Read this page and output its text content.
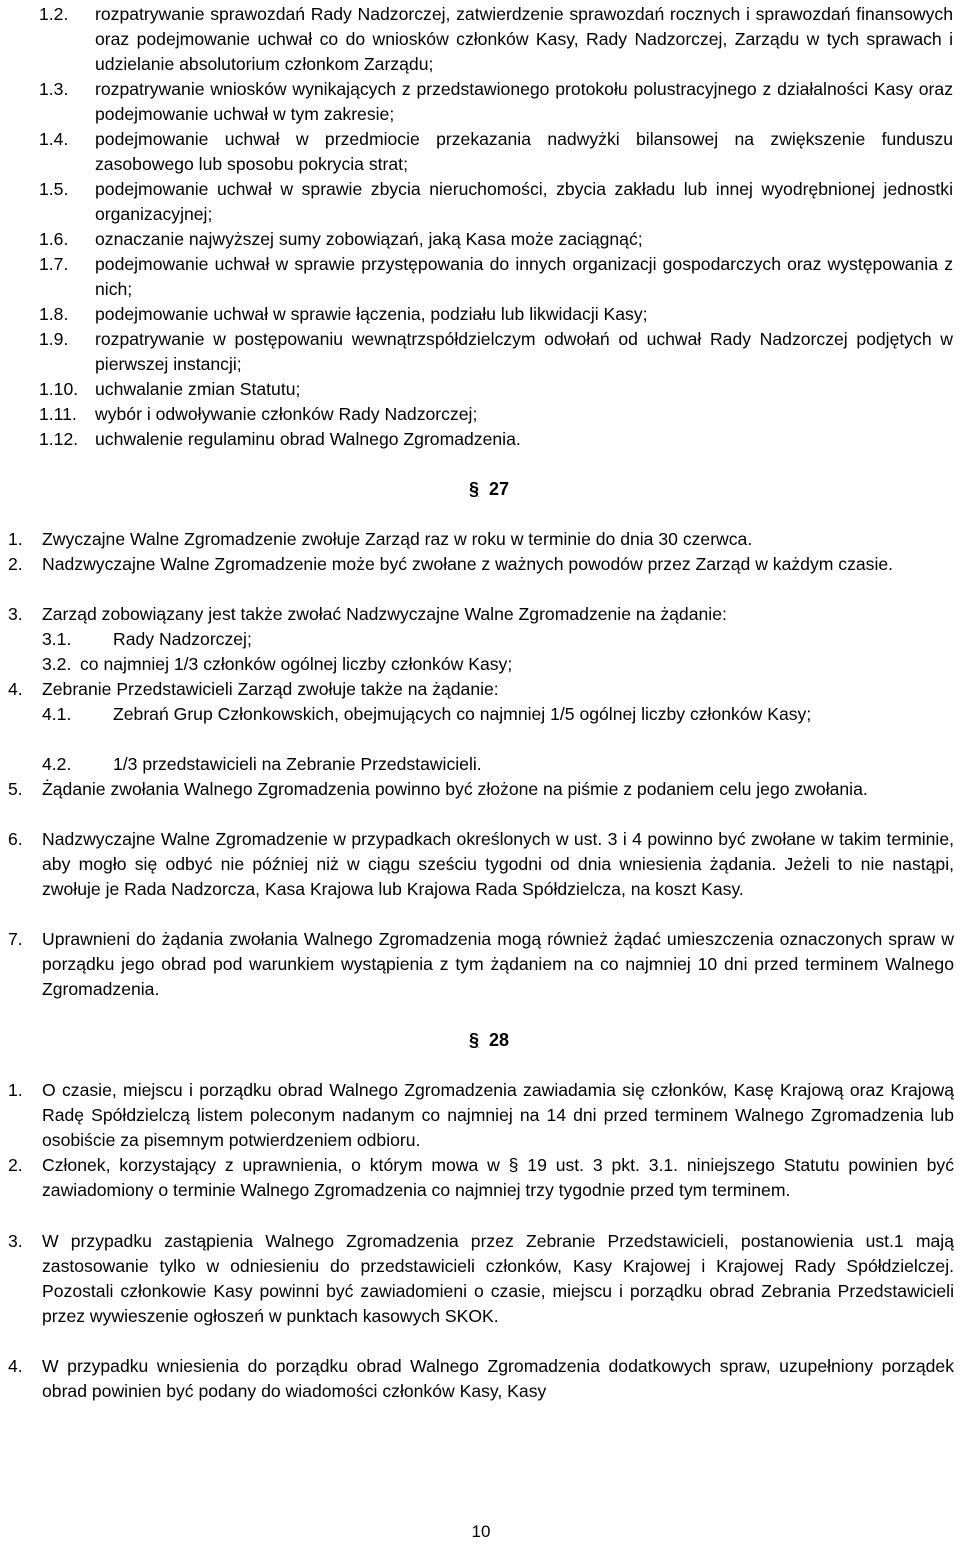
1.2. rozpatrywanie sprawozdań Rady Nadzorczej, zatwierdzenie sprawozdań rocznych i sprawozdań finansowych oraz podejmowanie uchwał co do wniosków członków Kasy, Rady Nadzorczej, Zarządu w tych sprawach i udzielanie absolutorium członkom Zarządu;
1.3. rozpatrywanie wniosków wynikających z przedstawionego protokołu polustracyjnego z działalności Kasy oraz podejmowanie uchwał w tym zakresie;
1.4. podejmowanie uchwał w przedmiocie przekazania nadwyżki bilansowej na zwiększenie funduszu zasobowego lub sposobu pokrycia strat;
1.5. podejmowanie uchwał w sprawie zbycia nieruchomości, zbycia zakładu lub innej wyodrębnionej jednostki organizacyjnej;
1.6. oznaczanie najwyższej sumy zobowiązań, jaką Kasa może zaciągnąć;
1.7. podejmowanie uchwał w sprawie przystępowania do innych organizacji gospodarczych oraz występowania z nich;
1.8. podejmowanie uchwał w sprawie łączenia, podziału lub likwidacji Kasy;
1.9. rozpatrywanie w postępowaniu wewnątrzspółdzielczym odwołań od uchwał Rady Nadzorczej podjętych w pierwszej instancji;
1.10. uchwalanie zmian Statutu;
1.11. wybór i odwoływanie członków Rady Nadzorczej;
1.12. uchwalenie regulaminu obrad Walnego Zgromadzenia.
§ 27
1. Zwyczajne Walne Zgromadzenie zwołuje Zarząd raz w roku w terminie do dnia 30 czerwca.
2. Nadzwyczajne Walne Zgromadzenie może być zwołane z ważnych powodów przez Zarząd w każdym czasie.
3. Zarząd zobowiązany jest także zwołać Nadzwyczajne Walne Zgromadzenie na żądanie:
3.1. Rady Nadzorczej;
3.2. co najmniej 1/3 członków ogólnej liczby członków Kasy;
4. Zebranie Przedstawicieli Zarząd zwołuje także na żądanie:
4.1. Zebrań Grup Członkowskich, obejmujących co najmniej 1/5 ogólnej liczby członków Kasy;
4.2. 1/3 przedstawicieli na Zebranie Przedstawicieli.
5. Żądanie zwołania Walnego Zgromadzenia powinno być złożone na piśmie z podaniem celu jego zwołania.
6. Nadzwyczajne Walne Zgromadzenie w przypadkach określonych w ust. 3 i 4 powinno być zwołane w takim terminie, aby mogło się odbyć nie później niż w ciągu sześciu tygodni od dnia wniesienia żądania. Jeżeli to nie nastąpi, zwołuje je Rada Nadzorcza, Kasa Krajowa lub Krajowa Rada Spółdzielcza, na koszt Kasy.
7. Uprawnieni do żądania zwołania Walnego Zgromadzenia mogą również żądać umieszczenia oznaczonych spraw w porządku jego obrad pod warunkiem wystąpienia z tym żądaniem na co najmniej 10 dni przed terminem Walnego Zgromadzenia.
§ 28
1. O czasie, miejscu i porządku obrad Walnego Zgromadzenia zawiadamia się członków, Kasę Krajową oraz Krajową Radę Spółdzielczą listem poleconym nadanym co najmniej na 14 dni przed terminem Walnego Zgromadzenia lub osobiście za pisemnym potwierdzeniem odbioru.
2. Członek, korzystający z uprawnienia, o którym mowa w § 19 ust. 3 pkt. 3.1. niniejszego Statutu powinien być zawiadomiony o terminie Walnego Zgromadzenia co najmniej trzy tygodnie przed tym terminem.
3. W przypadku zastąpienia Walnego Zgromadzenia przez Zebranie Przedstawicieli, postanowienia ust.1 mają zastosowanie tylko w odniesieniu do przedstawicieli członków, Kasy Krajowej i Krajowej Rady Spółdzielczej. Pozostali członkowie Kasy powinni być zawiadomieni o czasie, miejscu i porządku obrad Zebrania Przedstawicieli przez wywieszenie ogłoszeń w punktach kasowych SKOK.
4. W przypadku wniesienia do porządku obrad Walnego Zgromadzenia dodatkowych spraw, uzupełniony porządek obrad powinien być podany do wiadomości członków Kasy, Kasy
10
